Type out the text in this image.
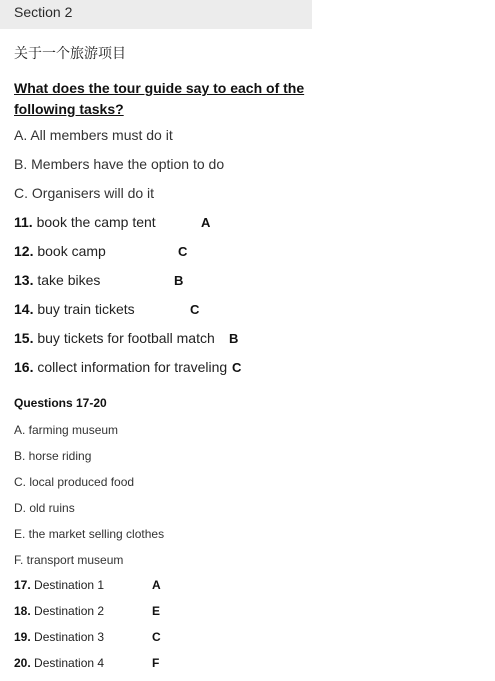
Section 2
关于一个旅游项目
What does the tour guide say to each of the following tasks?
A. All members must do it
B. Members have the option to do
C. Organisers will do it
11. book the camp tent	A
12. book camp	C
13. take bikes	B
14. buy train tickets	C
15. buy tickets for football match B
16. collect information for traveling C
Questions 17-20
A. farming museum
B. horse riding
C. local produced food
D. old ruins
E. the market selling clothes
F. transport museum
17. Destination 1	A
18. Destination 2	E
19. Destination 3	C
20. Destination 4	F
